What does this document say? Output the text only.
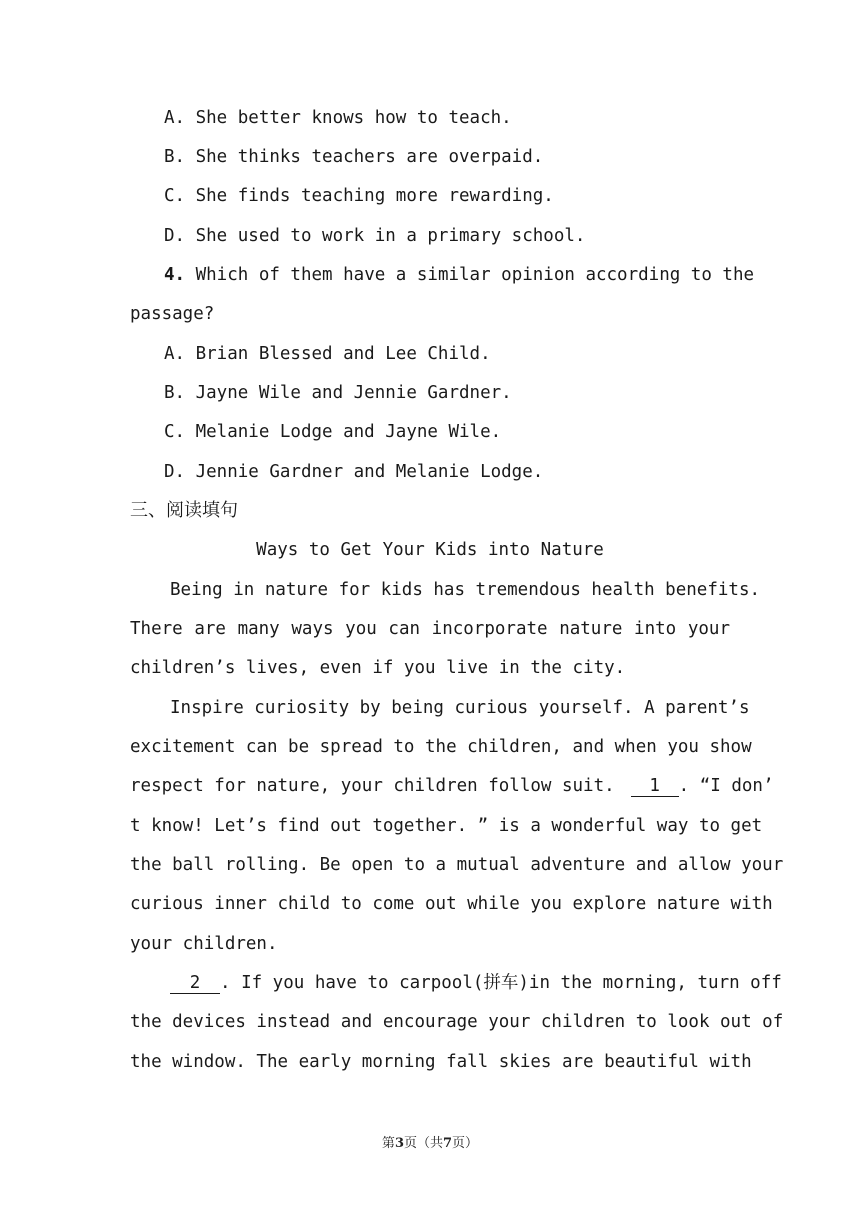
A. She better knows how to teach.
B. She thinks teachers are overpaid.
C. She finds teaching more rewarding.
D. She used to work in a primary school.
4. Which of them have a similar opinion according to the
passage?
A. Brian Blessed and Lee Child.
B. Jayne Wile and Jennie Gardner.
C. Melanie Lodge and Jayne Wile.
D. Jennie Gardner and Melanie Lodge.
三、阅读填句
Ways to Get Your Kids into Nature
Being in nature for kids has tremendous health benefits.
There are many ways you can incorporate nature into your
children’s lives, even if you live in the city.
Inspire curiosity by being curious yourself. A parent’s
excitement can be spread to the children, and when you show
respect for nature, your children follow suit. 1 . “I don’
t know! Let’s find out together. ” is a wonderful way to get
the ball rolling. Be open to a mutual adventure and allow your
curious inner child to come out while you explore nature with
your children.
2 . If you have to carpool(拼车)in the morning, turn off
the devices instead and encourage your children to look out of
the window. The early morning fall skies are beautiful with
第3页（共7页）
